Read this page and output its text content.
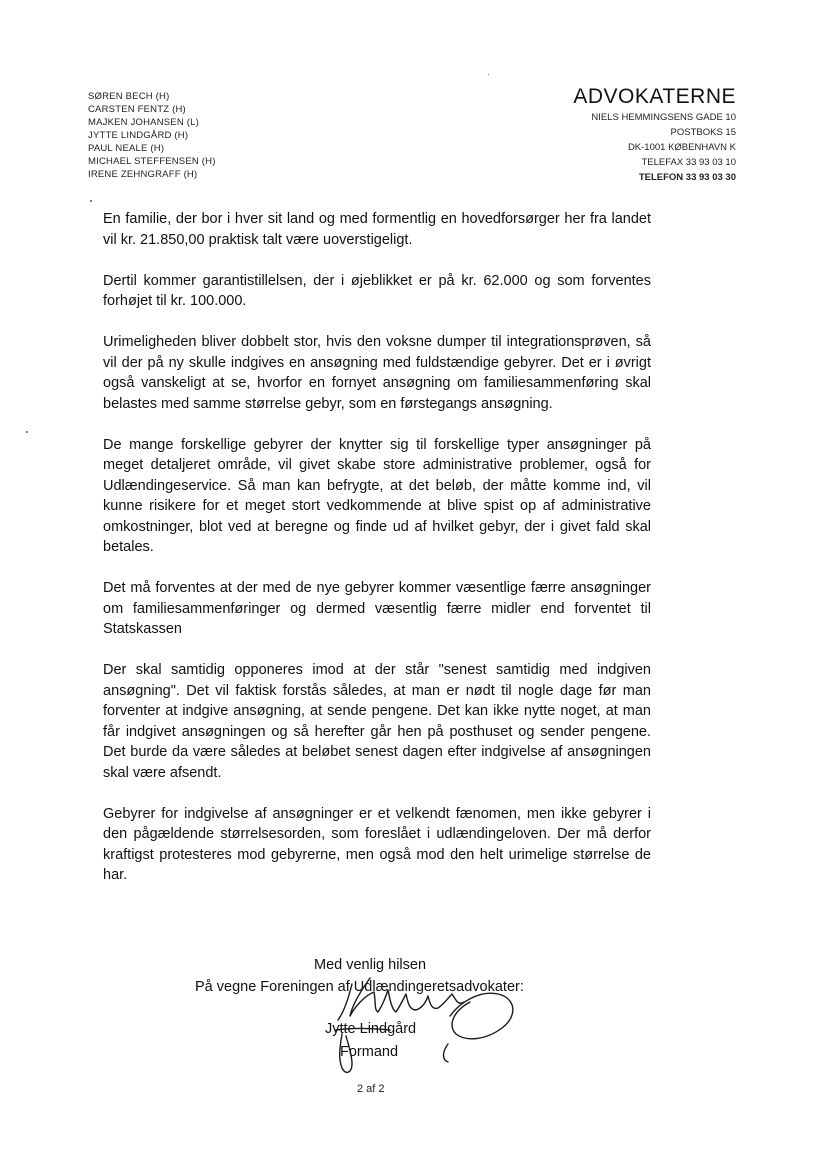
SØREN BECH (H)
CARSTEN FENTZ (H)
MAJKEN JOHANSEN (L)
JYTTE LINDGÅRD (H)
PAUL NEALE (H)
MICHAEL STEFFENSEN (H)
IRENE ZEHNGRAFF (H)
ADVOKATERNE
NIELS HEMMINGSENS GADE 10
POSTBOKS 15
DK-1001 KØBENHAVN K
TELEFAX 33 93 03 10
TELEFON 33 93 03 30

En familie, der bor i hver sit land og med formentlig en hovedforsørger her fra landet vil kr. 21.850,00 praktisk talt være uoverstigeligt.

Dertil kommer garantistillelsen, der i øjeblikket er på kr. 62.000 og som forventes forhøjet til kr. 100.000.

Urimeligheden bliver dobbelt stor, hvis den voksne dumper til integrationsprøven, så vil der på ny skulle indgives en ansøgning med fuldstændige gebyrer. Det er i øvrigt også vanskeligt at se, hvorfor en fornyet ansøgning om familiesammenføring skal belastes med samme størrelse gebyr, som en førstegangs ansøgning.

De mange forskellige gebyrer der knytter sig til forskellige typer ansøgninger på meget detaljeret område, vil givet skabe store administrative problemer, også for Udlændingeservice. Så man kan befrygte, at det beløb, der måtte komme ind, vil kunne risikere for et meget stort vedkommende at blive spist op af administrative omkostninger, blot ved at beregne og finde ud af hvilket gebyr, der i givet fald skal betales.

Det må forventes at der med de nye gebyrer kommer væsentlige færre ansøgninger om familiesammenføringer og dermed væsentlig færre midler end forventet til Statskassen

Der skal samtidig opponeres imod at der står "senest samtidig med indgiven ansøgning". Det vil faktisk forstås således, at man er nødt til nogle dage før man forventer at indgive ansøgning, at sende pengene. Det kan ikke nytte noget, at man får indgivet ansøgningen og så herefter går hen på posthuset og sender pengene. Det burde da være således at beløbet senest dagen efter indgivelse af ansøgningen skal være afsendt.

Gebyrer for indgivelse af ansøgninger er et velkendt fænomen, men ikke gebyrer i den pågældende størrelsesorden, som foreslået i udlændingeloven. Der må derfor kraftigst protesteres mod gebyrerne, men også mod den helt urimelige størrelse de har.

Med venlig hilsen
På vegne Foreningen af Udlændingeretsadvokater:
Jytte Lindgård
Formand
2 af 2
